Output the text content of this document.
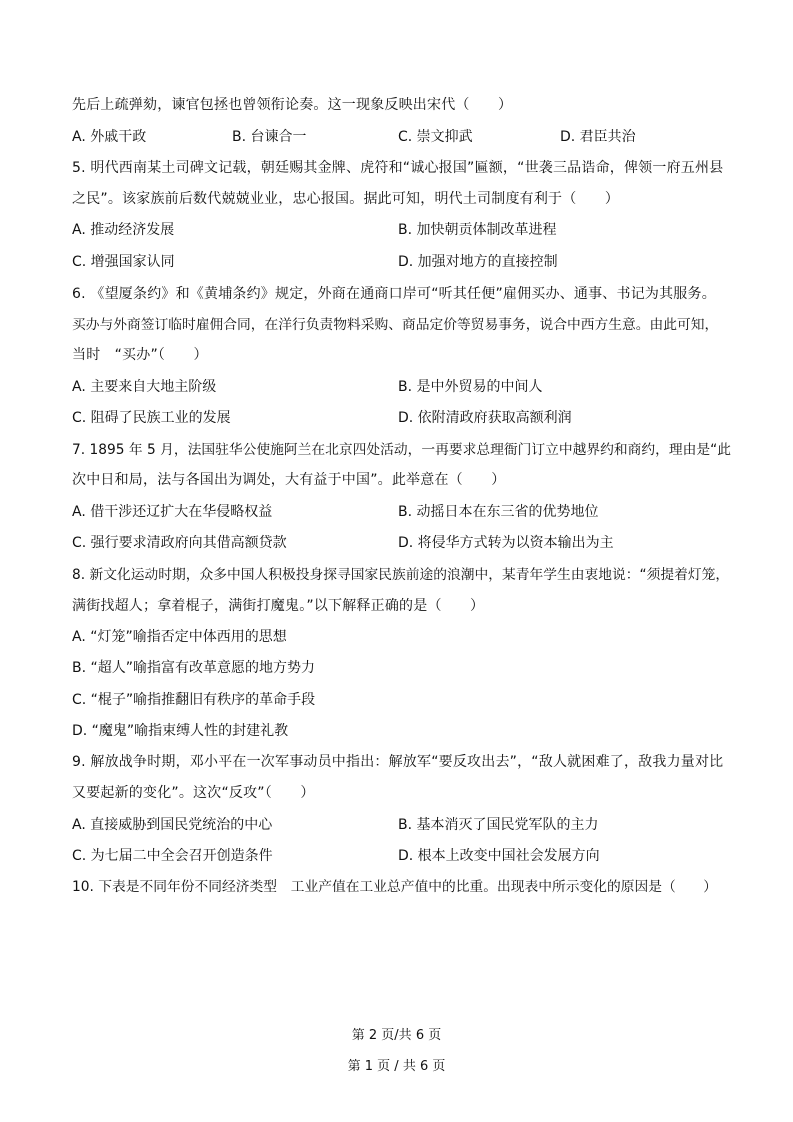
先后上疏弹劾，谏官包拯也曾领衔论奏。这一现象反映出宋代（　　）
A. 外戚干政	B. 台谏合一	C. 崇文抑武	D. 君臣共治
5. 明代西南某土司碑文记载，朝廷赐其金牌、虎符和“诚心报国”匾额，“世袭三品诰命，俾领一府五州县
之民”。该家族前后数代兢兢业业，忠心报国。据此可知，明代土司制度有利于（　　）
A. 推动经济发展	B. 加快朝贡体制改革进程
C. 增强国家认同	D. 加强对地方的直接控制
6. 《望厦条约》和《黄埔条约》规定，外商在通商口岸可“听其任便”雇佣买办、通事、书记为其服务。
买办与外商签订临时雇佣合同，在洋行负责物料采购、商品定价等贸易事务，说合中西方生意。由此可知，
当时　“买办”（　　）
A. 主要来自大地主阶级	B. 是中外贸易的中间人
C. 阻碍了民族工业的发展	D. 依附清政府获取高额利润
7. 1895 年 5 月，法国驻华公使施阿兰在北京四处活动，一再要求总理衙门订立中越界约和商约，理由是“此
次中日和局，法与各国出为调处，大有益于中国”。此举意在（　　）
A. 借干涉还辽扩大在华侵略权益	B. 动摇日本在东三省的优势地位
C. 强行要求清政府向其借高额贷款	D. 将侵华方式转为以资本输出为主
8. 新文化运动时期，众多中国人积极投身探寻国家民族前途的浪潮中，某青年学生由衷地说：“须提着灯笼，
满街找超人；拿着棍子，满街打魔鬼。”以下解释正确的是（　　）
A. “灯笼”喻指否定中体西用的思想
B. “超人”喻指富有改革意愿的地方势力
C. “棍子”喻指推翻旧有秩序的革命手段
D. “魔鬼”喻指束缚人性的封建礼教
9. 解放战争时期，邓小平在一次军事动员中指出：解放军“要反攻出去”，“敌人就困难了，敌我力量对比
又要起新的变化”。这次“反攻”（　　）
A. 直接威胁到国民党统治的中心	B. 基本消灭了国民党军队的主力
C. 为七届二中全会召开创造条件	D. 根本上改变中国社会发展方向
10. 下表是不同年份不同经济类型　工业产值在工业总产值中的比重。出现表中所示变化的原因是（　　）
第 2 页/共 6 页
第 1 页 / 共 6 页
